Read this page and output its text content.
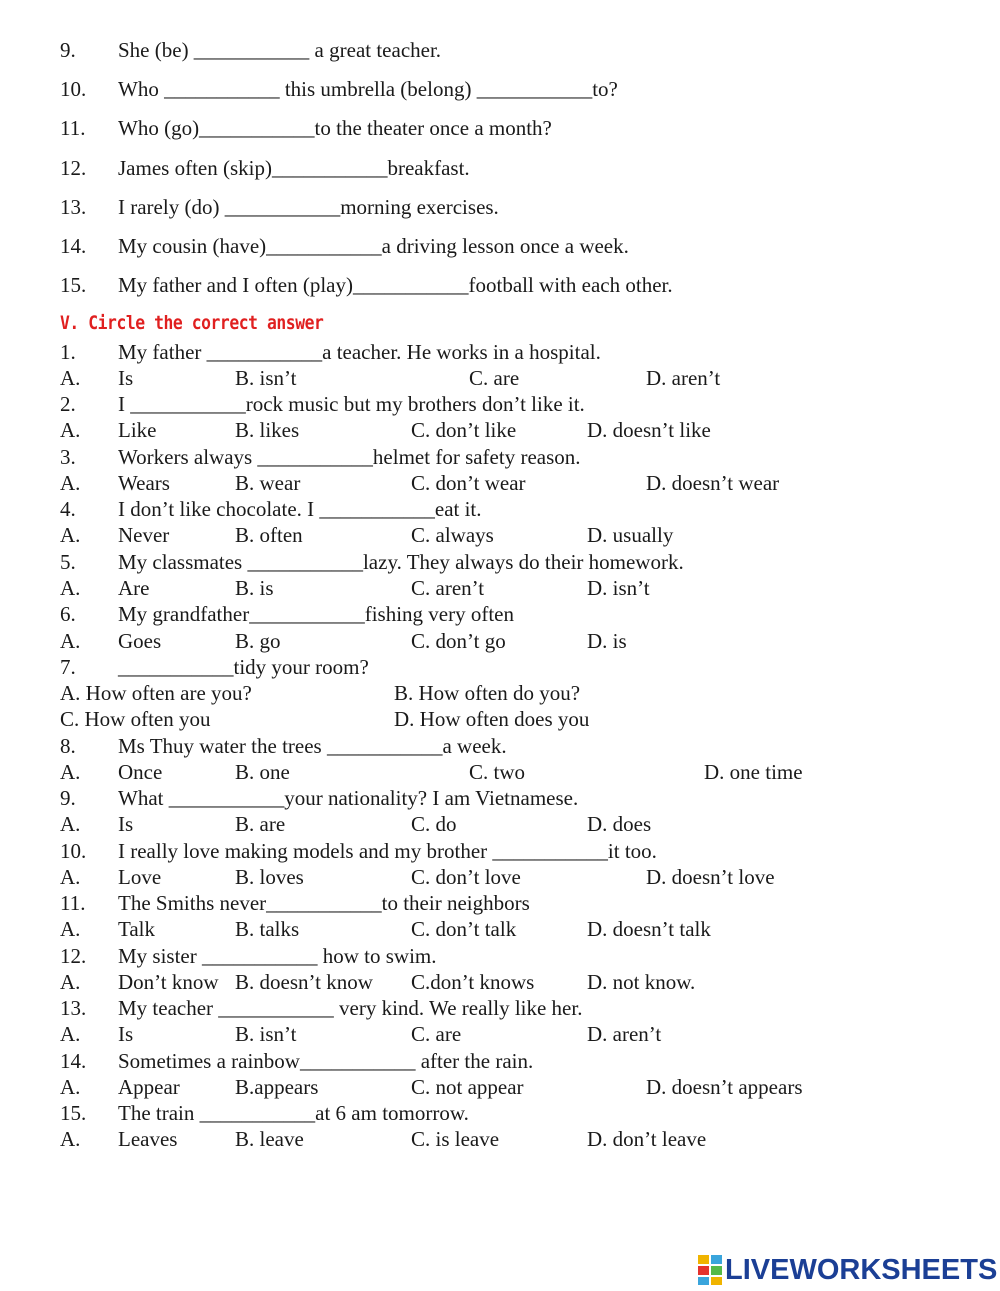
9. She (be) ___________ a great teacher.
10. Who ___________ this umbrella (belong) ___________to?
11. Who (go)___________to the theater once a month?
12. James often (skip)___________breakfast.
13. I rarely (do) ___________morning exercises.
14. My cousin (have)___________a driving lesson once a week.
15. My father and I often (play)___________football with each other.
V. Circle the correct answer
1. My father ___________a teacher. He works in a hospital.
A. Is	B. isn’t	C. are	D. aren’t
2. I ___________rock music but my brothers don’t like it.
A. Like	B. likes	C. don’t like	D. doesn’t like
3. Workers always ___________helmet for safety reason.
A. Wears	B. wear	C. don’t wear	D. doesn’t wear
4. I don’t like chocolate. I ___________eat it.
A. Never	B. often	C. always	D. usually
5. My classmates ___________lazy. They always do their homework.
A. Are	B. is	C. aren’t	D. isn’t
6. My grandfather___________fishing very often
A. Goes	B. go	C. don’t go	D. is
7. ___________tidy your room?
A. How often are you?	B. How often do you?
C. How often you	D. How often does you
8. Ms Thuy water the trees ___________a week.
A. Once	B. one	C. two	D. one time
9. What ___________your nationality? I am Vietnamese.
A. Is	B. are	C. do	D. does
10. I really love making models and my brother ___________it too.
A. Love	B. loves	C. don’t love	D. doesn’t love
11. The Smiths never___________to their neighbors
A. Talk	B. talks	C. don’t talk	D. doesn’t talk
12. My sister ___________ how to swim.
A. Don’t know B. doesn’t know C.don’t knows	D. not know.
13. My teacher ___________ very kind. We really like her.
A. Is	B. isn’t	C. are	D. aren’t
14. Sometimes a rainbow___________ after the rain.
A. Appear	B.appears	C. not appear	D. doesn’t appears
15. The train ___________at 6 am tomorrow.
A. Leaves	B. leave	C. is leave	D. don’t leave
LIVEWORKSHEETS
